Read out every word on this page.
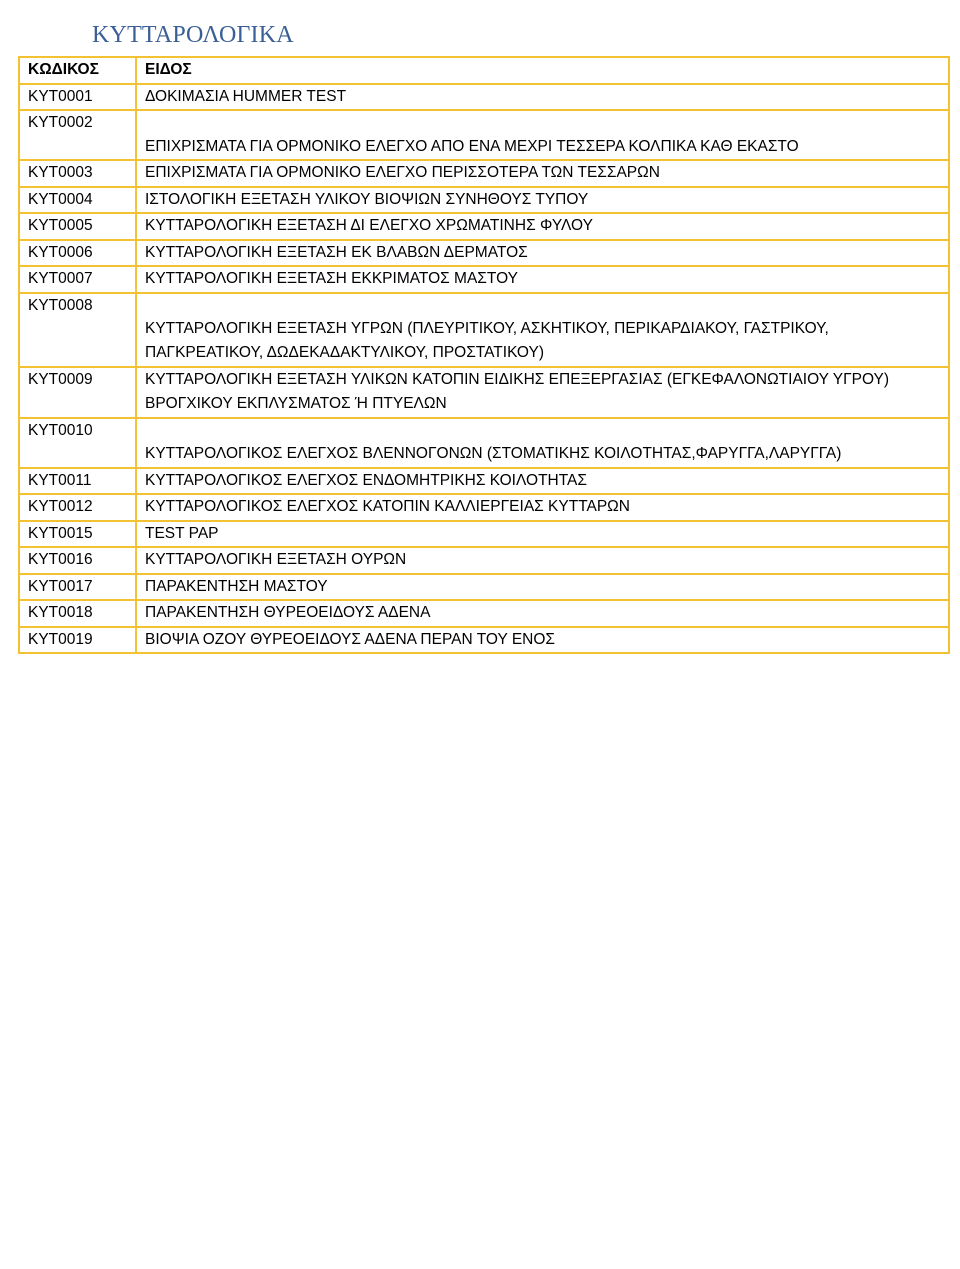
ΚΥΤΤΑΡΟΛΟΓΙΚΑ
ΚΩΔΙΚΟΣ	ΕΙΔΟΣ
ΚΥΤ0001	ΔΟΚΙΜΑΣΙΑ HUMMER TEST
ΚΥΤ0002	ΕΠΙΧΡΙΣΜΑΤΑ ΓΙΑ ΟΡΜΟΝΙΚΟ ΕΛΕΓΧΟ ΑΠΟ ΕΝΑ ΜΕΧΡΙ ΤΕΣΣΕΡΑ ΚΟΛΠΙΚΑ ΚΑΘ ΕΚΑΣΤΟ
ΚΥΤ0003	ΕΠΙΧΡΙΣΜΑΤΑ ΓΙΑ ΟΡΜΟΝΙΚΟ ΕΛΕΓΧΟ ΠΕΡΙΣΣΟΤΕΡΑ ΤΩΝ ΤΕΣΣΑΡΩΝ
ΚΥΤ0004	ΙΣΤΟΛΟΓΙΚΗ ΕΞΕΤΑΣΗ ΥΛΙΚΟΥ ΒΙΟΨΙΩΝ ΣΥΝΗΘΟΥΣ ΤΥΠΟΥ
ΚΥΤ0005	ΚΥΤΤΑΡΟΛΟΓΙΚΗ ΕΞΕΤΑΣΗ ΔΙ ΕΛΕΓΧΟ ΧΡΩΜΑΤΙΝΗΣ ΦΥΛΟΥ
ΚΥΤ0006	ΚΥΤΤΑΡΟΛΟΓΙΚΗ ΕΞΕΤΑΣΗ ΕΚ ΒΛΑΒΩΝ ΔΕΡΜΑΤΟΣ
ΚΥΤ0007	ΚΥΤΤΑΡΟΛΟΓΙΚΗ ΕΞΕΤΑΣΗ ΕΚΚΡΙΜΑΤΟΣ ΜΑΣΤΟΥ
ΚΥΤ0008	ΚΥΤΤΑΡΟΛΟΓΙΚΗ ΕΞΕΤΑΣΗ ΥΓΡΩΝ (ΠΛΕΥΡΙΤΙΚΟΥ, ΑΣΚΗΤΙΚΟΥ, ΠΕΡΙΚΑΡΔΙΑΚΟΥ, ΓΑΣΤΡΙΚΟΥ, ΠΑΓΚΡΕΑΤΙΚΟΥ, ΔΩΔΕΚΑΔΑΚΤΥΛΙΚΟΥ, ΠΡΟΣΤΑΤΙΚΟΥ)
ΚΥΤ0009	ΚΥΤΤΑΡΟΛΟΓΙΚΗ ΕΞΕΤΑΣΗ ΥΛΙΚΩΝ ΚΑΤΟΠΙΝ ΕΙΔΙΚΗΣ ΕΠΕΞΕΡΓΑΣΙΑΣ (ΕΓΚΕΦΑΛΟΝΩΤΙΑΙΟΥ ΥΓΡΟΥ) ΒΡΟΓΧΙΚΟΥ ΕΚΠΛΥΣΜΑΤΟΣ Ή ΠΤΥΕΛΩΝ
ΚΥΤ0010	ΚΥΤΤΑΡΟΛΟΓΙΚΟΣ ΕΛΕΓΧΟΣ ΒΛΕΝΝΟΓΟΝΩΝ (ΣΤΟΜΑΤΙΚΗΣ ΚΟΙΛΟΤΗΤΑΣ,ΦΑΡΥΓΓΑ,ΛΑΡΥΓΓΑ)
ΚΥΤ0011	ΚΥΤΤΑΡΟΛΟΓΙΚΟΣ ΕΛΕΓΧΟΣ ΕΝΔΟΜΗΤΡΙΚΗΣ ΚΟΙΛΟΤΗΤΑΣ
ΚΥΤ0012	ΚΥΤΤΑΡΟΛΟΓΙΚΟΣ ΕΛΕΓΧΟΣ ΚΑΤΟΠΙΝ ΚΑΛΛΙΕΡΓΕΙΑΣ ΚΥΤΤΑΡΩΝ
ΚΥΤ0015	TEST PAP
ΚΥΤ0016	ΚΥΤΤΑΡΟΛΟΓΙΚΗ ΕΞΕΤΑΣΗ ΟΥΡΩΝ
ΚΥΤ0017	ΠΑΡΑΚΕΝΤΗΣΗ ΜΑΣΤΟΥ
ΚΥΤ0018	ΠΑΡΑΚΕΝΤΗΣΗ ΘΥΡΕΟΕΙΔΟΥΣ ΑΔΕΝΑ
ΚΥΤ0019	ΒΙΟΨΙΑ ΟΖΟΥ ΘΥΡΕΟΕΙΔΟΥΣ ΑΔΕΝΑ ΠΕΡΑΝ ΤΟΥ ΕΝΟΣ
